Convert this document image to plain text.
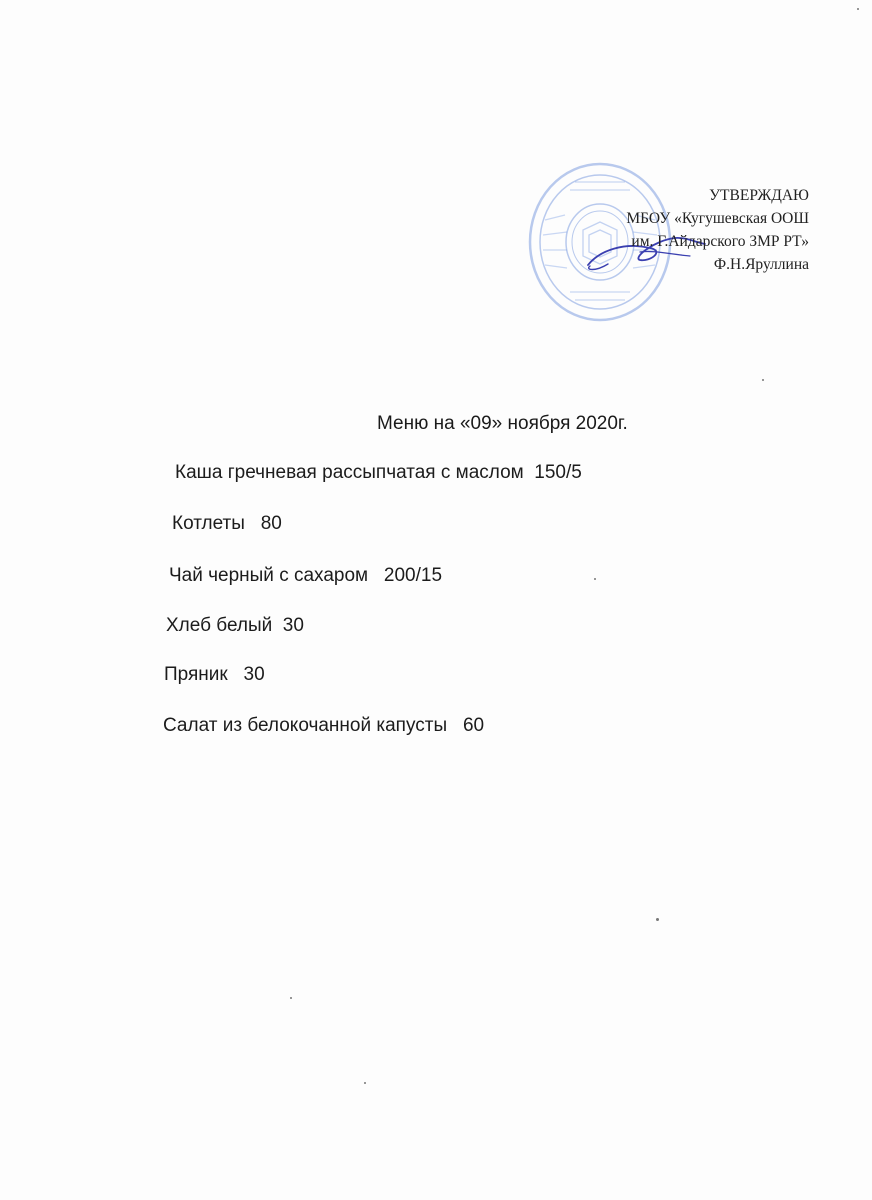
УТВЕРЖДАЮ
МБОУ «Кугушевская ООШ
им. Г.Айдарского ЗМР РТ»
Ф.Н.Яруллина
Меню на «09» ноября 2020г.
Каша гречневая рассыпчатая с маслом  150/5
Котлеты   80
Чай черный с сахаром   200/15
Хлеб белый  30
Пряник   30
Салат из белокочанной капусты   60
